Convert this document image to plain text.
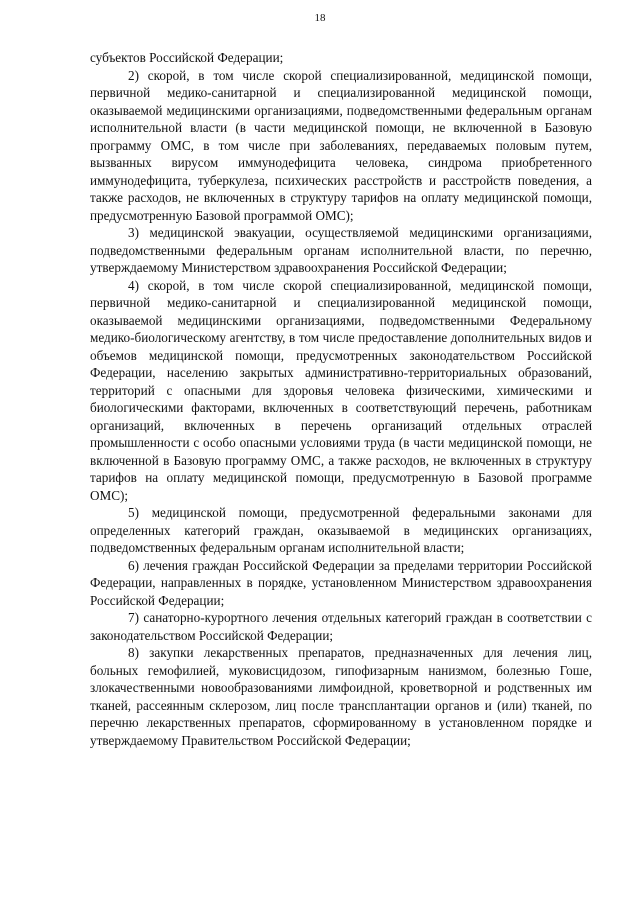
18

субъектов Российской Федерации;

2) скорой, в том числе скорой специализированной, медицинской помощи, первичной медико-санитарной и специализированной медицинской помощи, оказываемой медицинскими организациями, подведомственными федеральным органам исполнительной власти (в части медицинской помощи, не включенной в Базовую программу ОМС, в том числе при заболеваниях, передаваемых половым путем, вызванных вирусом иммунодефицита человека, синдрома приобретенного иммунодефицита, туберкулеза, психических расстройств и расстройств поведения, а также расходов, не включенных в структуру тарифов на оплату медицинской помощи, предусмотренную Базовой программой ОМС);

3) медицинской эвакуации, осуществляемой медицинскими организациями, подведомственными федеральным органам исполнительной власти, по перечню, утверждаемому Министерством здравоохранения Российской Федерации;

4) скорой, в том числе скорой специализированной, медицинской помощи, первичной медико-санитарной и специализированной медицинской помощи, оказываемой медицинскими организациями, подведомственными Федеральному медико-биологическому агентству, в том числе предоставление дополнительных видов и объемов медицинской помощи, предусмотренных законодательством Российской Федерации, населению закрытых административно-территориальных образований, территорий с опасными для здоровья человека физическими, химическими и биологическими факторами, включенных в соответствующий перечень, работникам организаций, включенных в перечень организаций отдельных отраслей промышленности с особо опасными условиями труда (в части медицинской помощи, не включенной в Базовую программу ОМС, а также расходов, не включенных в структуру тарифов на оплату медицинской помощи, предусмотренную в Базовой программе ОМС);

5) медицинской помощи, предусмотренной федеральными законами для определенных категорий граждан, оказываемой в медицинских организациях, подведомственных федеральным органам исполнительной власти;

6) лечения граждан Российской Федерации за пределами территории Российской Федерации, направленных в порядке, установленном Министерством здравоохранения Российской Федерации;

7) санаторно-курортного лечения отдельных категорий граждан в соответствии с законодательством Российской Федерации;

8) закупки лекарственных препаратов, предназначенных для лечения лиц, больных гемофилией, муковисцидозом, гипофизарным нанизмом, болезнью Гоше, злокачественными новообразованиями лимфоидной, кроветворной и родственных им тканей, рассеянным склерозом, лиц после трансплантации органов и (или) тканей, по перечню лекарственных препаратов, сформированному в установленном порядке и утверждаемому Правительством Российской Федерации;
